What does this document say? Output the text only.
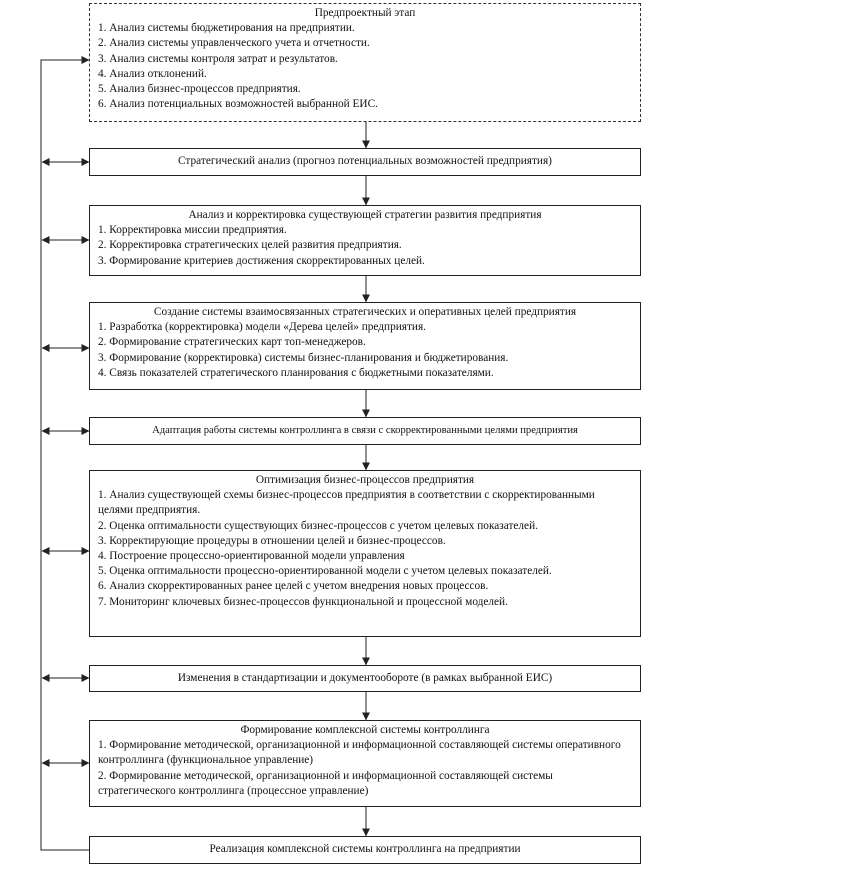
Предпроектный этап
1. Анализ системы бюджетирования на предприятии.
2. Анализ системы управленческого учета и отчетности.
3. Анализ системы контроля затрат и результатов.
4. Анализ отклонений.
5. Анализ бизнес-процессов предприятия.
6. Анализ потенциальных возможностей выбранной ЕИС.
Стратегический анализ (прогноз потенциальных возможностей предприятия)
Анализ и корректировка существующей стратегии развития предприятия
1. Корректировка миссии предприятия.
2. Корректировка стратегических целей развития предприятия.
3. Формирование критериев достижения скорректированных целей.
Создание системы взаимосвязанных стратегических и оперативных целей предприятия
1. Разработка (корректировка) модели «Дерева целей» предприятия.
2. Формирование стратегических карт топ-менеджеров.
3. Формирование (корректировка) системы бизнес-планирования и бюджетирования.
4. Связь показателей стратегического планирования с бюджетными показателями.
Адаптация работы системы контроллинга в связи с скорректированными целями предприятия
Оптимизация бизнес-процессов предприятия
1. Анализ существующей схемы бизнес-процессов предприятия в соответствии с скорректированными целями предприятия.
2. Оценка оптимальности существующих бизнес-процессов с учетом целевых показателей.
3. Корректирующие процедуры в отношении целей и бизнес-процессов.
4. Построение процессно-ориентированной модели управления
5. Оценка оптимальности процессно-ориентированной модели с учетом целевых показателей.
6. Анализ скорректированных ранее целей с учетом внедрения новых процессов.
7. Мониторинг ключевых бизнес-процессов функциональной и процессной моделей.
Изменения в стандартизации и документообороте (в рамках выбранной ЕИС)
Формирование комплексной системы контроллинга
1. Формирование методической, организационной и информационной составляющей системы оперативного контроллинга (функциональное управление)
2. Формирование методической, организационной и информационной составляющей системы стратегического контроллинга (процессное управление)
Реализация комплексной системы контроллинга на предприятии
